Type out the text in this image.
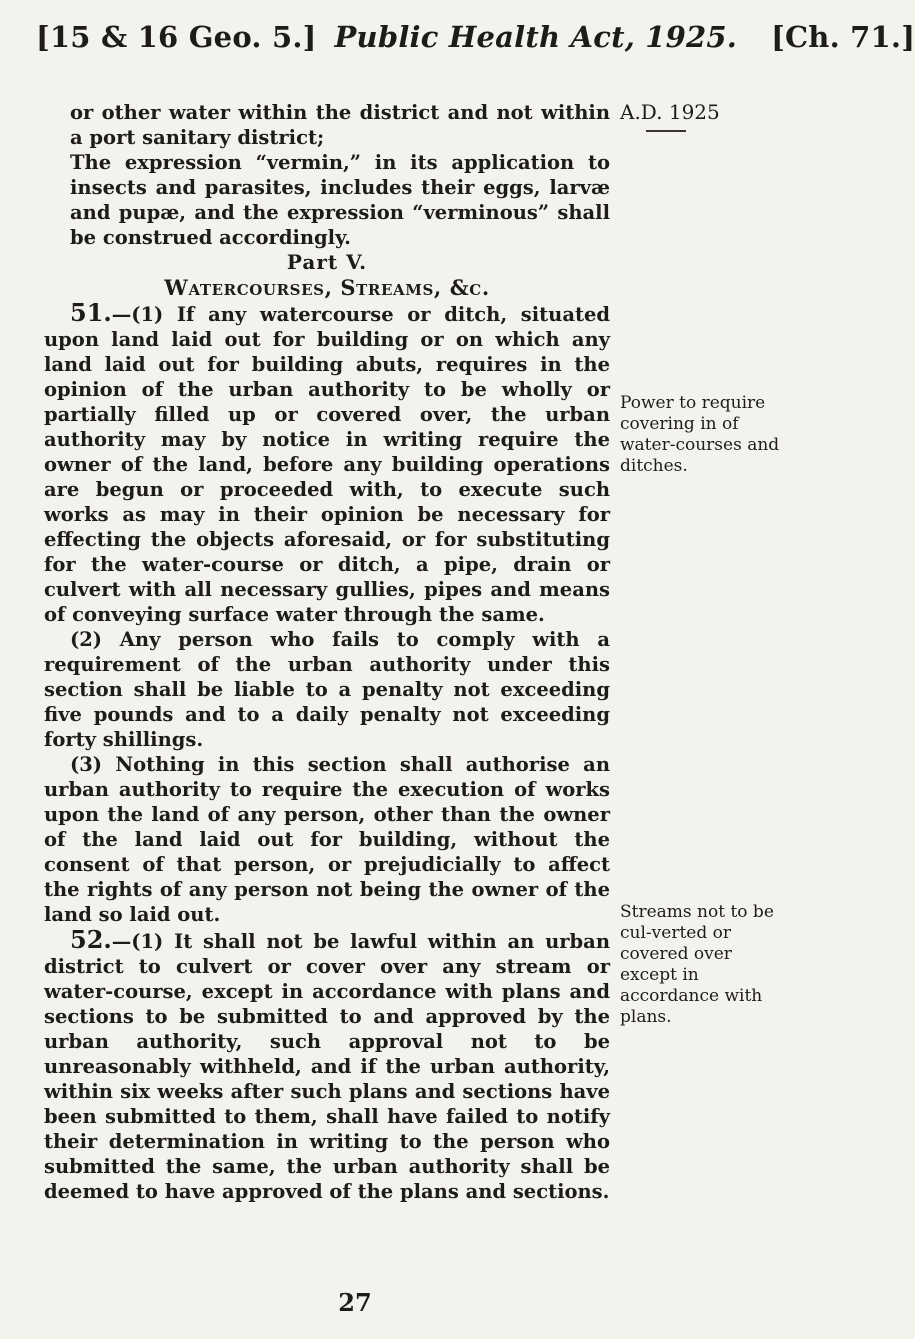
[15 & 16 Geo. 5.] Public Health Act, 1925. [Ch. 71.]

or other water within the district and not within a port sanitary district;

The expression “vermin,” in its application to insects and parasites, includes their eggs, larvæ and pupæ, and the expression “verminous” shall be construed accordingly.

Part V.

Watercourses, Streams, &c.

51.—(1) If any watercourse or ditch, situated upon land laid out for building or on which any land laid out for building abuts, requires in the opinion of the urban authority to be wholly or partially filled up or covered over, the urban authority may by notice in writing require the owner of the land, before any building operations are begun or proceeded with, to execute such works as may in their opinion be necessary for effecting the objects aforesaid, or for substituting for the water-course or ditch, a pipe, drain or culvert with all necessary gullies, pipes and means of conveying surface water through the same.

(2) Any person who fails to comply with a requirement of the urban authority under this section shall be liable to a penalty not exceeding five pounds and to a daily penalty not exceeding forty shillings.

(3) Nothing in this section shall authorise an urban authority to require the execution of works upon the land of any person, other than the owner of the land laid out for building, without the consent of that person, or prejudicially to affect the rights of any person not being the owner of the land so laid out.

52.—(1) It shall not be lawful within an urban district to culvert or cover over any stream or water-course, except in accordance with plans and sections to be submitted to and approved by the urban authority, such approval not to be unreasonably withheld, and if the urban authority, within six weeks after such plans and sections have been submitted to them, shall have failed to notify their determination in writing to the person who submitted the same, the urban authority shall be deemed to have approved of the plans and sections.

A.D. 1925
Power to require covering in of water-courses and ditches.
Streams not to be cul-verted or covered over except in accordance with plans.
27
